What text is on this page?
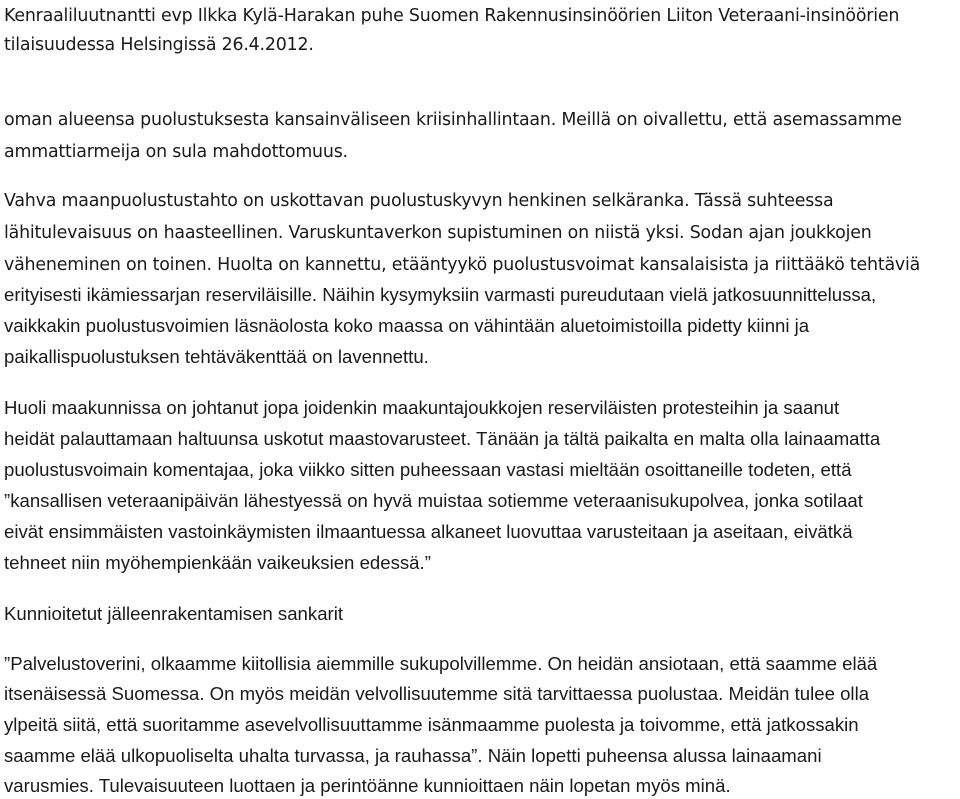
Kenraaliluutnantti evp Ilkka Kylä-Harakan puhe Suomen Rakennusinsinöörien Liiton Veteraani-insinöörien
tilaisuudessa Helsingissä 26.4.2012.
oman alueensa puolustuksesta kansainväliseen kriisinhallintaan. Meillä on oivallettu, että asemassamme
ammattiarmeija on sula mahdottomuus.
Vahva maanpuolustustahto on uskottavan puolustuskyvyn henkinen selkäranka. Tässä suhteessa
lähitulevaisuus on haasteellinen. Varuskuntaverkon supistuminen on niistä yksi. Sodan ajan joukkojen
väheneminen on toinen. Huolta on kannettu, etääntyykö puolustusvoimat kansalaisista ja riittääkö tehtäviä
erityisesti ikämiessarjan reserviläisille. Näihin kysymyksiin varmasti pureudutaan vielä jatkosuunnittelussa,
vaikkakin puolustusvoimien läsnäolosta koko maassa on vähintään aluetoimistoilla pidetty kiinni ja
paikallispuolustuksen tehtäväkenttää on lavennettu.
Huoli maakunnissa on johtanut jopa joidenkin maakuntajoukkojen reserviläisten protesteihin ja saanut
heidät palauttamaan haltuunsa uskotut maastovarusteet. Tänään ja tältä paikalta en malta olla lainaamatta
puolustusvoimain komentajaa, joka viikko sitten puheessaan vastasi mieltään osoittaneille todeten, että
”kansallisen veteraanipäivän lähestyessä on hyvä muistaa sotiemme veteraanisukupolvea, jonka sotilaat
eivät ensimmäisten vastoinkäymisten ilmaantuessa alkaneet luovuttaa varusteitaan ja aseitaan, eivätkä
tehneet niin myöhempienkään vaikeuksien edessä.”
Kunnioitetut jälleenrakentamisen sankarit
”Palvelustoverini, olkaamme kiitollisia aiemmille sukupolvillemme. On heidän ansiotaan, että saamme elää
itsenäisessä Suomessa. On myös meidän velvollisuutemme sitä tarvittaessa puolustaa. Meidän tulee olla
ylpeitä siitä, että suoritamme asevelvollisuuttamme isänmaamme puolesta ja toivomme, että jatkossakin
saamme elää ulkopuoliselta uhalta turvassa, ja rauhassa”. Näin lopetti puheensa alussa lainaamani
varusmies. Tulevaisuuteen luottaen ja perintöänne kunnioittaen näin lopetan myös minä.
